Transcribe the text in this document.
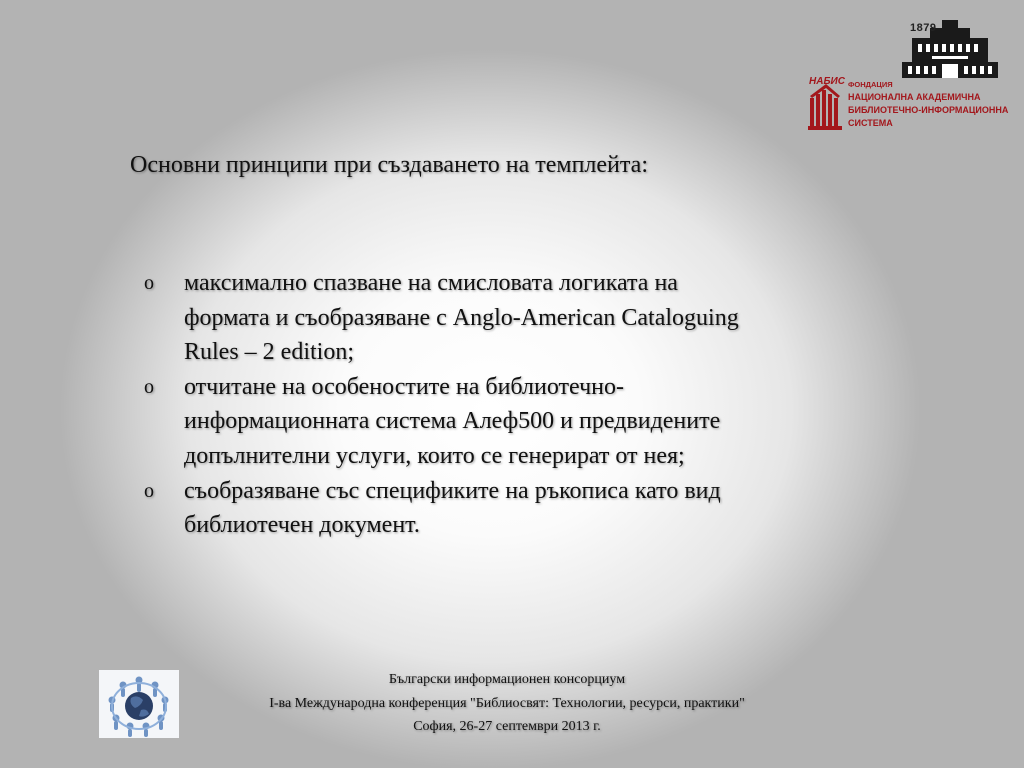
1879
НАБИС ФОНДАЦИЯ
НАЦИОНАЛНА АКАДЕМИЧНА
БИБЛИОТЕЧНО-ИНФОРМАЦИОННА
СИСТЕМА
Основни принципи при създаването на темплейта:
o максимално спазване на смисловата логиката на
формата и съобразяване с Anglo-American Cataloguing
Rules – 2 edition;
o отчитане на особеностите на библиотечно-
информационната система Алеф500 и предвидените
допълнителни услуги, които се генерират от нея;
o съобразяване със спецификите на ръкописа като вид
библиотечен документ.
Български информационен консорциум
I-ва Международна конференция "Библиосвят: Технологии, ресурси, практики"
София, 26-27 септември 2013 г.
